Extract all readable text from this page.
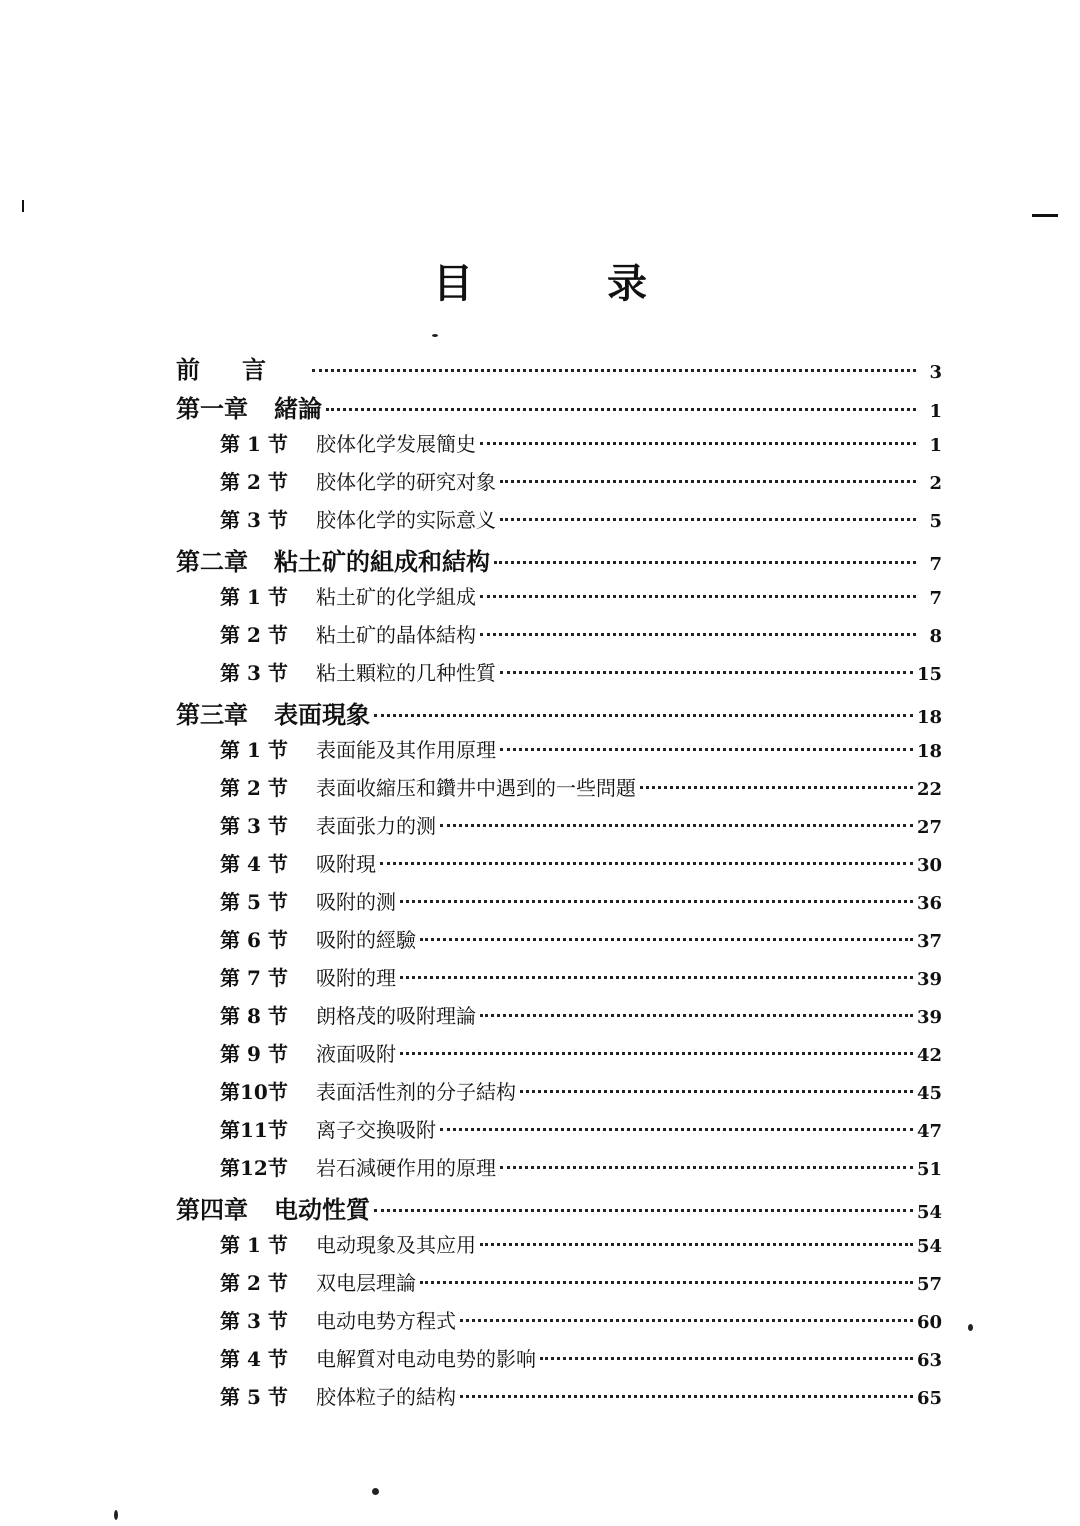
目 录
前言	3
第一章 緒論	1
第 1 节	胶体化学发展簡史	1
第 2 节	胶体化学的研究对象	2
第 3 节	胶体化学的实际意义	5
第二章 粘土矿的組成和結构	7
第 1 节	粘土矿的化学組成	7
第 2 节	粘土矿的晶体結构	8
第 3 节	粘土顆粒的几种性質	15
第三章 表面現象	18
第 1 节	表面能及其作用原理	18
第 2 节	表面收縮压和鑽井中遇到的一些問題	22
第 3 节	表面张力的测	27
第 4 节	吸附現	30
第 5 节	吸附的测	36
第 6 节	吸附的經驗	37
第 7 节	吸附的理	39
第 8 节	朗格茂的吸附理論	39
第 9 节	液面吸附	42
第10节	表面活性剂的分子結构	45
第11节	离子交換吸附	47
第12节	岩石減硬作用的原理	51
第四章 电动性質	54
第 1 节	电动現象及其应用	54
第 2 节	双电层理論	57
第 3 节	电动电势方程式	60
第 4 节	电解質对电动电势的影响	63
第 5 节	胶体粒子的結构	65
